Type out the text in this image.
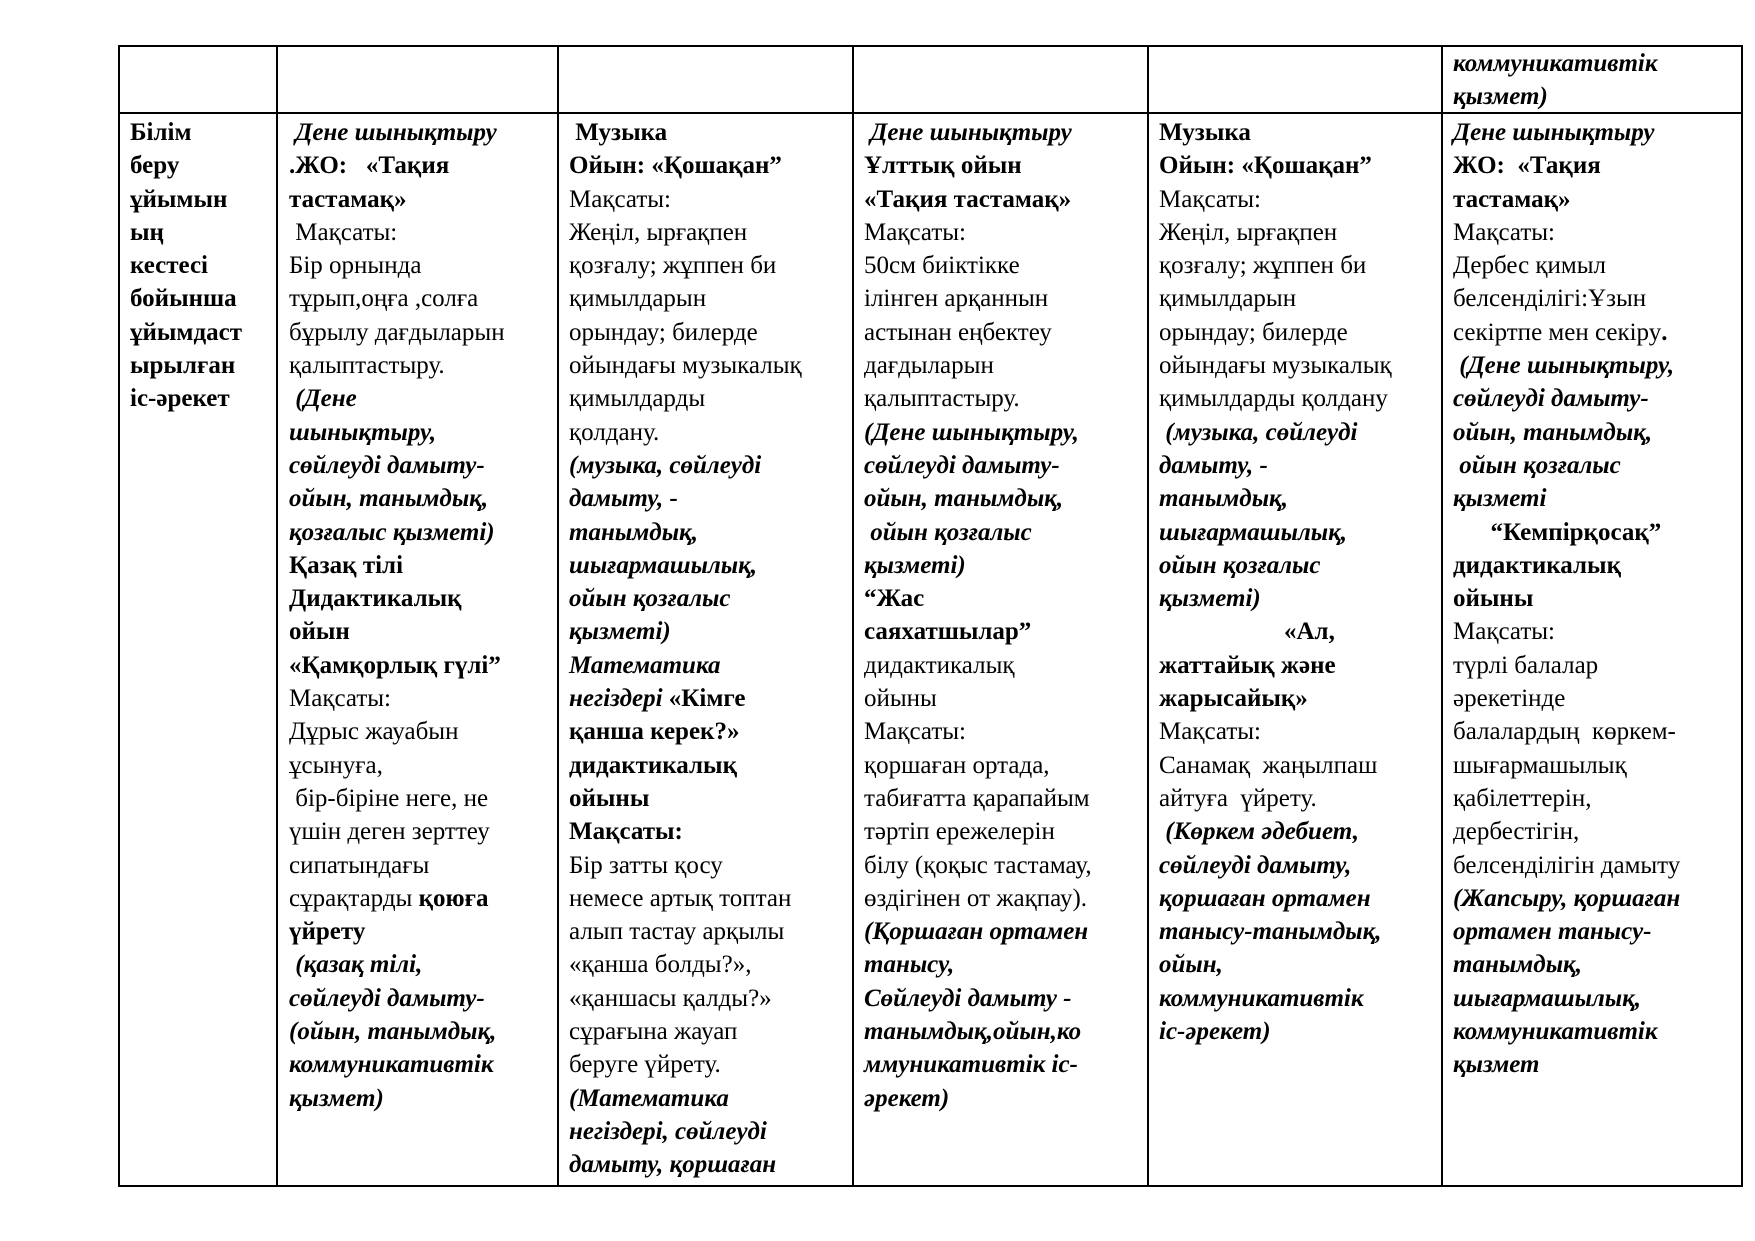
коммуникативтік
қызмет)
Білім
беру
ұйымын
ың
кестесі
бойынша
ұйымдаст
ырылған
іс-әрекет
Дене шынықтыру
.ЖО:   «Тақия
тастамақ»
Мақсаты:
Бір орнында
тұрып,оңға ,солға
бұрылу дағдыларын
қалыптастыру.
(Дене
шынықтыру,
сөйлеуді дамыту-
ойын, танымдық,
қозғалыс қызметі)
Қазақ тілі
Дидактикалық
ойын
«Қамқорлық гүлі”
Мақсаты:
Дұрыс жауабын
ұсынуға,
бір-біріне неге, не
үшін деген зерттеу
сипатындағы
сұрақтарды қоюға
үйрету
(қазақ тілі,
сөйлеуді дамыту-
(ойын, танымдық,
коммуникативтік
қызмет)
Музыка
Ойын: «Қошақан”
Мақсаты:
Жеңіл, ырғақпен
қозғалу; жұппен би
қимылдарын
орындау; билерде
ойындағы музыкалық
қимылдарды
қолдану.
(музыка, сөйлеуді
дамыту, -
танымдық,
шығармашылық,
ойын қозғалыс
қызметі)
Математика
негіздері «Кімге
қанша керек?»
дидактикалық
ойыны
Мақсаты:
Бір затты қосу
немесе артық топтан
алып тастау арқылы
«қанша болды?»,
«қаншасы қалды?»
сұрағына жауап
беруге үйрету.
(Математика
негіздері, сөйлеуді
дамыту, қоршаған
Дене шынықтыру
Ұлттық ойын
«Тақия тастамақ»
Мақсаты:
50см биіктікке
ілінген арқаннын
астынан еңбектеу
дағдыларын
қалыптастыру.
(Дене шынықтыру,
сөйлеуді дамыту-
ойын, танымдық,
ойын қозғалыс
қызметі)
“Жас
саяхатшылар”
дидактикалық
ойыны
Мақсаты:
қоршаған ортада,
табиғатта қарапайым
тәртіп ережелерін
білу (қоқыс тастамау,
өздігінен от жақпау).
(Қоршаған ортамен
танысу,
Сөйлеуді дамыту -
танымдық,ойын,ко
ммуникативтік іс-
әрекет)
Музыка
Ойын: «Қошақан”
Мақсаты:
Жеңіл, ырғақпен
қозғалу; жұппен би
қимылдарын
орындау; билерде
ойындағы музыкалық
қимылдарды қолдану
(музыка, сөйлеуді
дамыту, -
танымдық,
шығармашылық,
ойын қозғалыс
қызметі)
«Ал,
жаттайық және
жарысайық»
Мақсаты:
Санамақ  жаңылпаш
айтуға  үйрету.
(Көркем әдебиет,
сөйлеуді дамыту,
қоршаған ортамен
танысу-танымдық,
ойын,
коммуникативтік
іс-әрекет)
Дене шынықтыру
ЖО:  «Тақия
тастамақ»
Мақсаты:
Дербес қимыл
белсенділігі:Ұзын
секіртпе мен секіру.
(Дене шынықтыру,
сөйлеуді дамыту-
ойын, танымдық,
ойын қозғалыс
қызметі
“Кемпірқосақ”
дидактикалық
ойыны
Мақсаты:
түрлі балалар
әрекетінде
балалардың  көркем-
шығармашылық
қабілеттерін,
дербестігін,
белсенділігін дамыту
(Жапсыру, қоршаған
ортамен танысу-
танымдық,
шығармашылық,
коммуникативтік
қызмет
